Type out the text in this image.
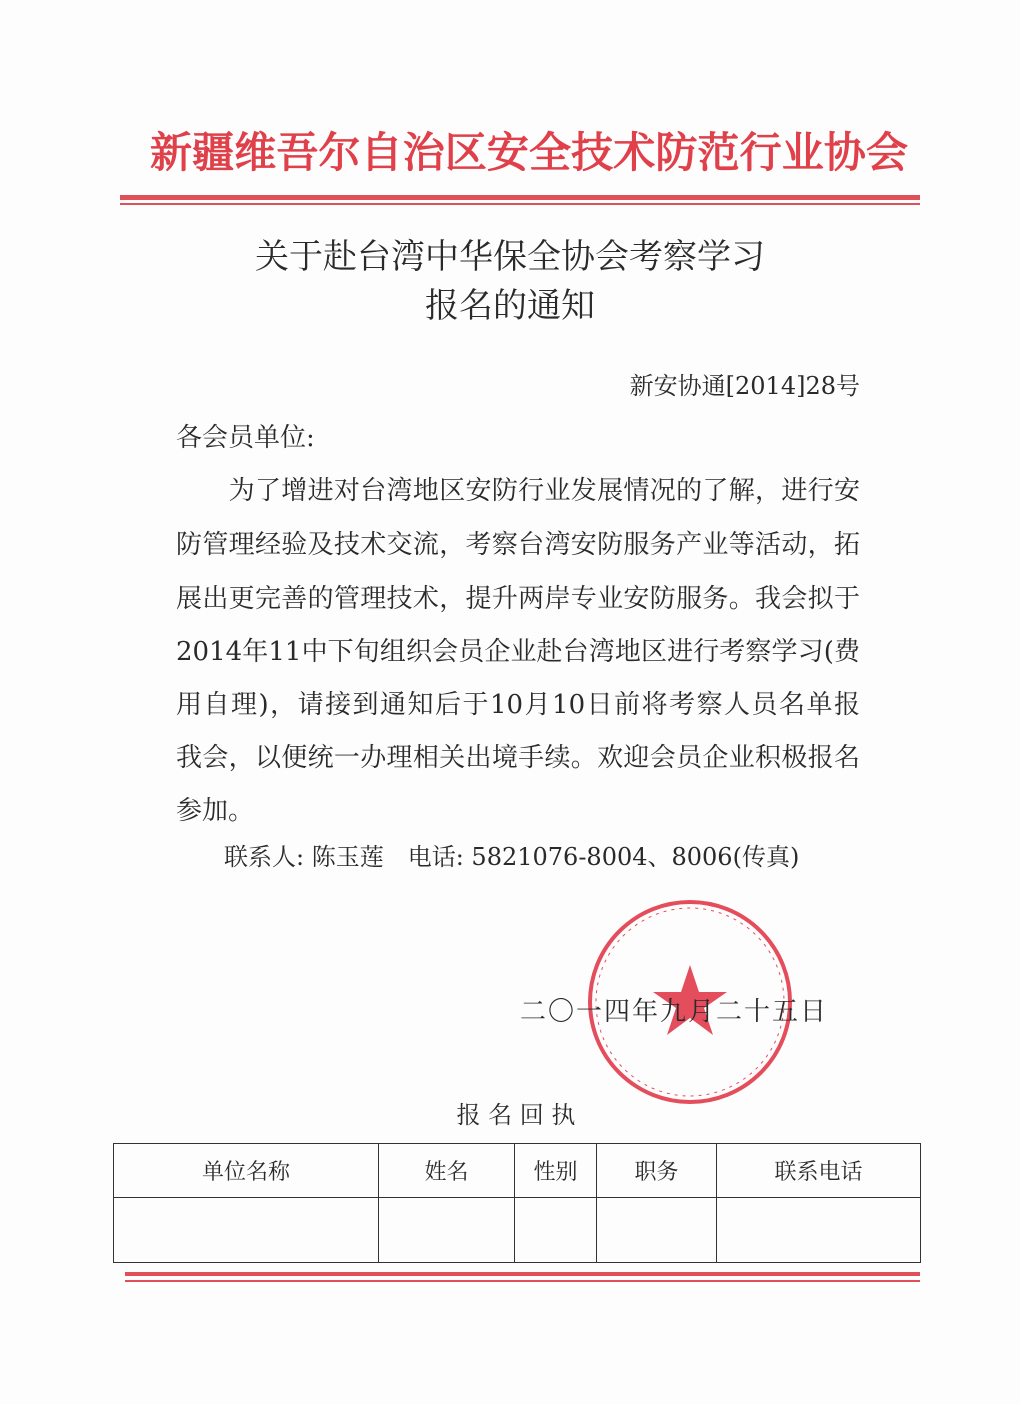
新疆维吾尔自治区安全技术防范行业协会
关于赴台湾中华保全协会考察学习
报名的通知
新安协通[2014]28号
各会员单位:
　　为了增进对台湾地区安防行业发展情况的了解，进行安
防管理经验及技术交流，考察台湾安防服务产业等活动，拓
展出更完善的管理技术，提升两岸专业安防服务。我会拟于
2014年11中下旬组织会员企业赴台湾地区进行考察学习(费
用自理)，请接到通知后于10月10日前将考察人员名单报
我会，以便统一办理相关出境手续。欢迎会员企业积极报名
参加。
　　联系人: 陈玉莲　电话: 5821076-8004、8006(传真)
二〇一四年九月二十五日
报 名 回 执
单位名称	姓名	性别	职务	联系电话
